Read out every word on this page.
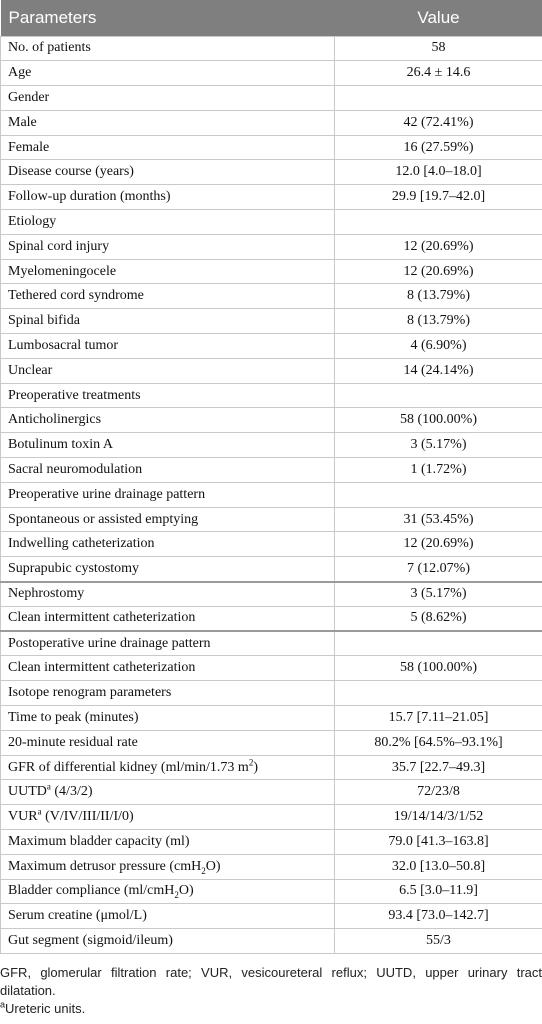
Parameters	Value
No. of patients	58
Age	26.4 ± 14.6
Gender	
Male	42 (72.41%)
Female	16 (27.59%)
Disease course (years)	12.0 [4.0–18.0]
Follow-up duration (months)	29.9 [19.7–42.0]
Etiology	
Spinal cord injury	12 (20.69%)
Myelomeningocele	12 (20.69%)
Tethered cord syndrome	8 (13.79%)
Spinal bifida	8 (13.79%)
Lumbosacral tumor	4 (6.90%)
Unclear	14 (24.14%)
Preoperative treatments	
Anticholinergics	58 (100.00%)
Botulinum toxin A	3 (5.17%)
Sacral neuromodulation	1 (1.72%)
Preoperative urine drainage pattern	
Spontaneous or assisted emptying	31 (53.45%)
Indwelling catheterization	12 (20.69%)
Suprapubic cystostomy	7 (12.07%)
Nephrostomy	3 (5.17%)
Clean intermittent catheterization	5 (8.62%)
Postoperative urine drainage pattern	
Clean intermittent catheterization	58 (100.00%)
Isotope renogram parameters	
Time to peak (minutes)	15.7 [7.11–21.05]
20-minute residual rate	80.2% [64.5%–93.1%]
GFR of differential kidney (ml/min/1.73 $m^2$)	35.7 [22.7–49.3]
UUTD$^a$ (4/3/2)	72/23/8
VUR$^a$ (V/IV/III/II/I/0)	19/14/14/3/1/52
Maximum bladder capacity (ml)	79.0 [41.3–163.8]
Maximum detrusor pressure (cmH$_2$O)	32.0 [13.0–50.8]
Bladder compliance (ml/cmH$_2$O)	6.5 [3.0–11.9]
Serum creatine (μmol/L)	93.4 [73.0–142.7]
Gut segment (sigmoid/ileum)	55/3

GFR, glomerular filtration rate; VUR, vesicoureteral reflux; UUTD, upper urinary tract dilatation.

$^a$Ureteric units.
